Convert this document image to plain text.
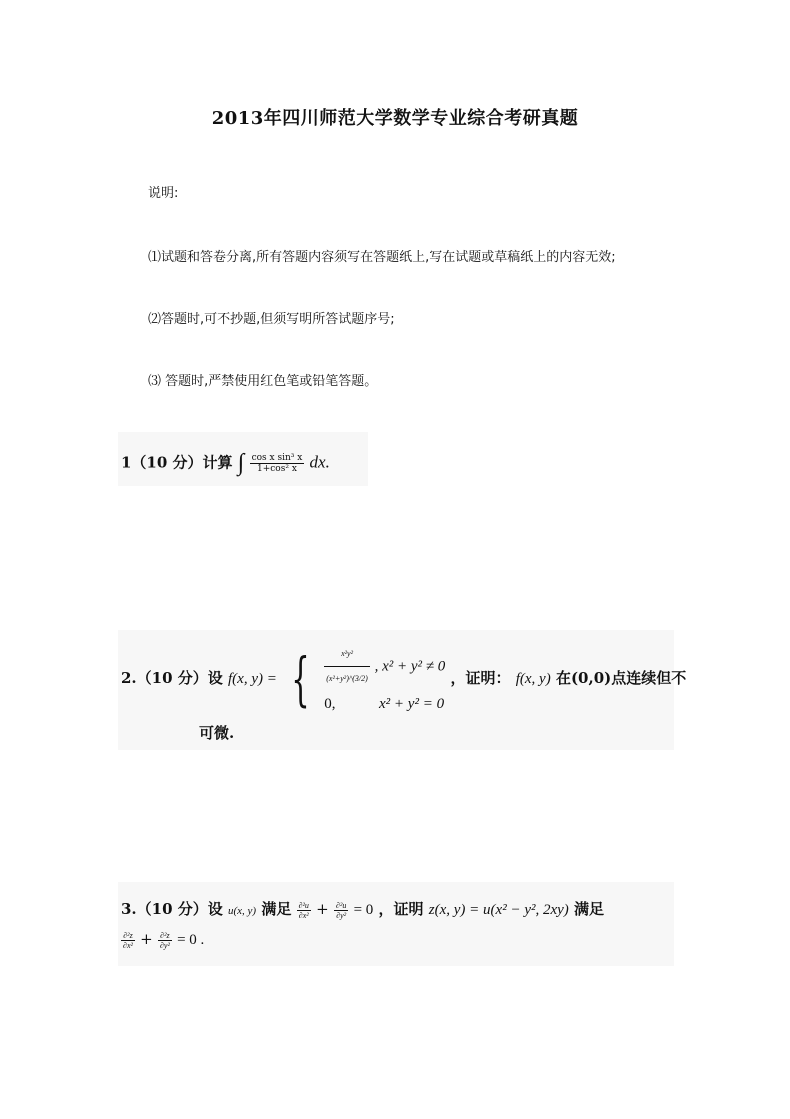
2013年四川师范大学数学专业综合考研真题
说明:
⑴试题和答卷分离,所有答题内容须写在答题纸上,写在试题或草稿纸上的内容无效;
⑵答题时,可不抄题,但须写明所答试题序号;
⑶ 答题时,严禁使用红色笔或铅笔答题。
1（10 分）计算 ∫ $\frac{\text{cos x sin³ x}}{\text{1+cos² x}}$ dx.
2.（10 分）设 f(x, y) = { $\frac{\text{x²y²}}{\text{(x²+y²)\textasciicircum{}(3/2)}}$ , x² + y² ≠ 0
0,	x² + y² = 0
，证明： f(x, y) 在(0,0)点连续但不
可微.
3.（10 分）设 u(x, y) 满足 $\frac{\text{∂²u}}{\text{∂x²}} + \frac{\text{∂²u}}{\text{∂y²}} = 0$ ，证明 z(x, y) = u(x² − y², 2xy) 满足
$\frac{\text{∂²z}}{\text{∂x²}} + \frac{\text{∂²z}}{\text{∂y²}} = 0$ .
